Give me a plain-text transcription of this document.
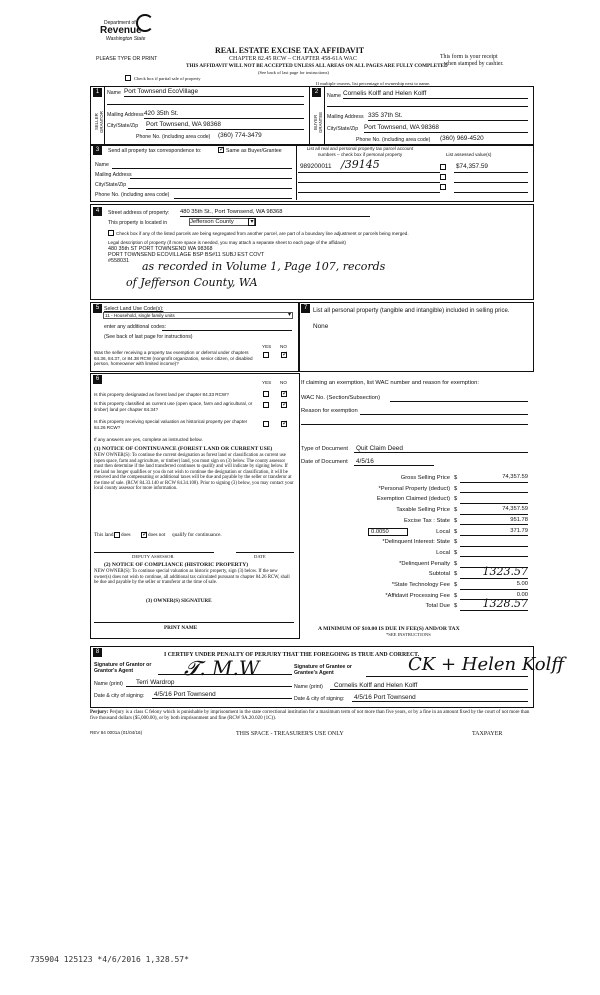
Department of
Revenue
Washington State
PLEASE TYPE OR PRINT
REAL ESTATE EXCISE TAX AFFIDAVIT
CHAPTER 82.45 RCW – CHAPTER 458-61A WAC
THIS AFFIDAVIT WILL NOT BE ACCEPTED UNLESS ALL AREAS ON ALL PAGES ARE FULLY COMPLETED
(See back of last page for instructions)
This form is your receipt
when stamped by cashier.
Check box if partial sale of property
If multiple owners, list percentage of ownership next to name.
1
SELLER GRANTOR
Name Port Townsend EcoVillage
Mailing Address 420 35th St.
City/State/Zip Port Townsend, WA 98368
Phone No. (including area code) (360) 774-3479
2
BUYER GRANTEE
Name Cornelis Kolff and Helen Kolff
Mailing Address 335 37th St.
City/State/Zip Port Townsend, WA 98368
Phone No. (including area code) (360) 969-4520
3	Send all property tax correspondence to: ✓	Same as Buyer/Grantee
Name
Mailing Address
City/State/Zip
Phone No. (including area code)
List all real and personal property tax parcel account numbers – check box if personal property	List assessed value(s)
989200011 /39145	$74,357.59
4	Street address of property: 480 35th St., Port Townsend, WA 98368
This property is located in	Jefferson County	▾
Check box if any of the listed parcels are being segregated from another parcel, are part of a boundary line adjustment or parcels being merged.
Legal description of property (if more space is needed, you may attach a separate sheet to each page of the affidavit)
480 35th ST PORT TOWNSEND WA 98368
PORT TOWNSEND ECOVILLAGE BSP BS#11 SUBJ EST COVT
#558031 as recorded in Volume 1, Page 107, records
of Jefferson County, WA
5 Select Land Use Code(s):
11 - Household, single family units	▾
enter any additional codes:
(See back of last page for instructions)
YES NO
Was the seller receiving a property tax exemption or deferral under chapters 84.36, 84.37, or 84.38 RCW (nonprofit organization, senior citizen, or disabled person, homeowner with limited income)?
✓
7 List all personal property (tangible and intangible) included in selling price.
None
6
YES NO
Is this property designated as forest land per chapter 84.33 RCW?
✓
Is this property classified as current use (open space, farm and agricultural, or timber) land per chapter 84.34?
✓
Is this property receiving special valuation as historical property per chapter 84.26 RCW?
✓
If any answers are yes, complete as instructed below.
(1) NOTICE OF CONTINUANCE (FOREST LAND OR CURRENT USE)
NEW OWNER(S): To continue the current designation as forest land or classification as current use (open space, farm and agriculture, or timber) land, you must sign on (3) below. The county assessor must then determine if the land transferred continues to qualify and will indicate by signing below. If the land no longer qualifies or you do not wish to continue the designation or classification, it will be removed and the compensating or additional taxes will be due and payable by the seller or transferor at the time of sale. (RCW 84.33.140 or RCW 84.34.108). Prior to signing (3) below, you may contact your local county assessor for more information.
This land does ✓	does not qualify for continuance.
DEPUTY ASSESSOR	DATE
(2) NOTICE OF COMPLIANCE (HISTORIC PROPERTY)
NEW OWNER(S): To continue special valuation as historic property, sign (3) below. If the new owner(s) does not wish to continue, all additional tax calculated pursuant to chapter 84.26 RCW, shall be due and payable by the seller or transferor at the time of sale.
(3) OWNER(S) SIGNATURE
PRINT NAME
If claiming an exemption, list WAC number and reason for exemption:
WAC No. (Section/Subsection)
Reason for exemption
Type of Document Quit Claim Deed
Date of Document 4/5/16
Gross Selling Price $	74,357.59
*Personal Property (deduct) $
Exemption Claimed (deduct) $
Taxable Selling Price $	74,357.59
Excise Tax : State $	951.78
Local $	371.79
*Delinquent Interest: State $
Local $
*Delinquent Penalty $
Subtotal $	1323.57
*State Technology Fee $	5.00
*Affidavit Processing Fee $	0.00
Total Due $	1328.57
0.0050
A MINIMUM OF $10.00 IS DUE IN FEE(S) AND/OR TAX
*SEE INSTRUCTIONS
8	I CERTIFY UNDER PENALTY OF PERJURY THAT THE FOREGOING IS TRUE AND CORRECT.
Signature of Grantor or Grantor's Agent	𝓣. M.W
Name (print) Terri Wardrop
Date & city of signing: 4/5/16 Port Townsend
Signature of Grantee or Grantee's Agent	CK + Helen Kolff
Name (print) Cornelis Kolff and Helen Kolff
Date & city of signing: 4/5/16 Port Townsend
Perjury: Perjury is a class C felony which is punishable by imprisonment in the state correctional institution for a maximum term of not more than five years, or by a fine in an amount fixed by the court of not more than five thousand dollars ($5,000.00), or by both imprisonment and fine (RCW 9A.20.020 (1C)).
REV 84 0001a (01/04/16)	THIS SPACE - TREASURER'S USE ONLY	TAXPAYER
735904 125123 *4/6/2016 1,328.57*
